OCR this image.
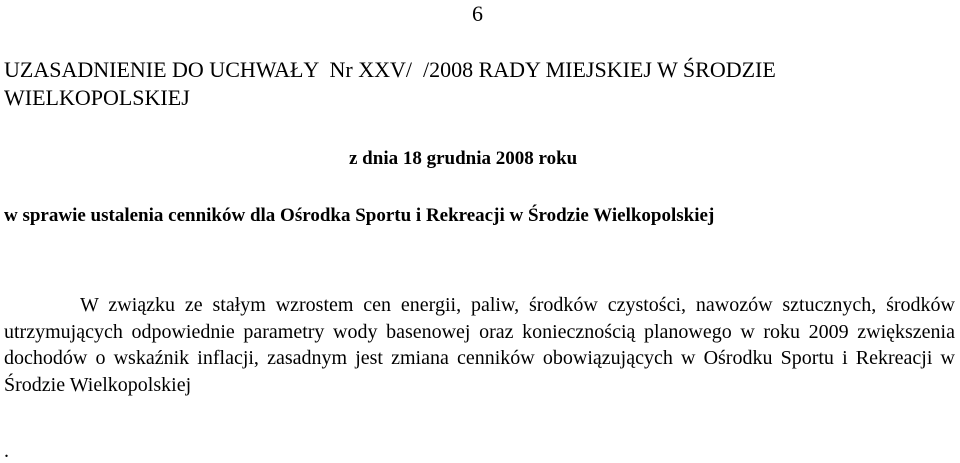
6
UZASADNIENIE DO UCHWAŁY  Nr XXV/  /2008 RADY MIEJSKIEJ W ŚRODZIE
WIELKOPOLSKIEJ
z dnia 18 grudnia 2008 roku
w sprawie ustalenia cenników dla Ośrodka Sportu i Rekreacji w Środzie Wielkopolskiej

W związku ze stałym wzrostem cen energii, paliw, środków czystości, nawozów sztucznych, środków utrzymujących odpowiednie parametry wody basenowej oraz koniecznością planowego w roku 2009 zwiększenia dochodów o wskaźnik inflacji, zasadnym jest zmiana cenników obowiązujących w Ośrodku Sportu i Rekreacji w Środzie Wielkopolskiej

.
